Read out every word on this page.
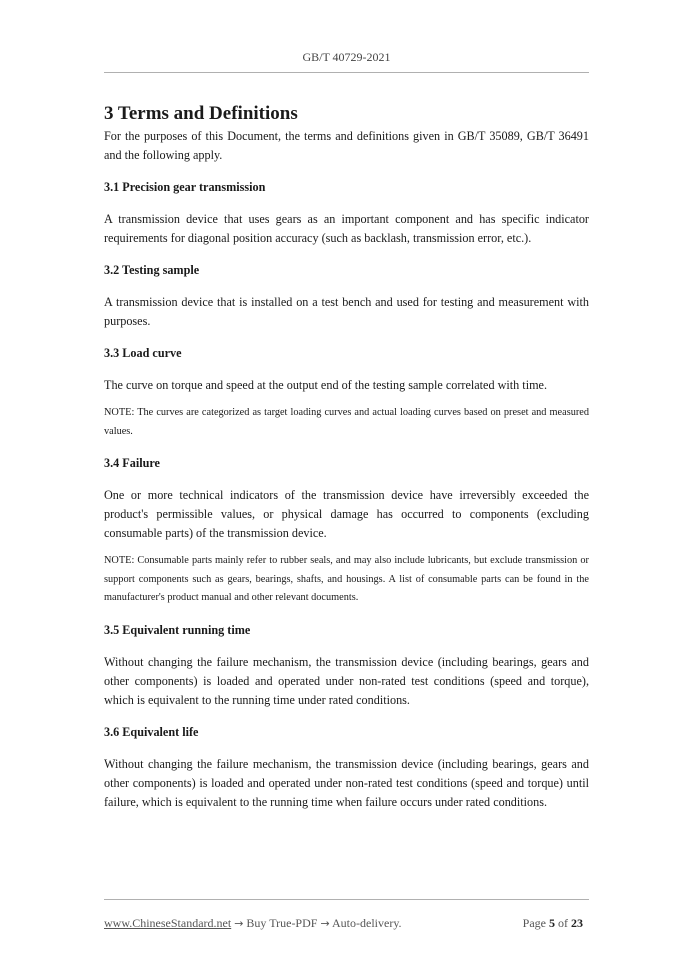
GB/T 40729-2021
3 Terms and Definitions

For the purposes of this Document, the terms and definitions given in GB/T 35089, GB/T 36491 and the following apply.

3.1 Precision gear transmission

A transmission device that uses gears as an important component and has specific indicator requirements for diagonal position accuracy (such as backlash, transmission error, etc.).

3.2 Testing sample

A transmission device that is installed on a test bench and used for testing and measurement with purposes.

3.3 Load curve

The curve on torque and speed at the output end of the testing sample correlated with time.

NOTE: The curves are categorized as target loading curves and actual loading curves based on preset and measured values.

3.4 Failure

One or more technical indicators of the transmission device have irreversibly exceeded the product's permissible values, or physical damage has occurred to components (excluding consumable parts) of the transmission device.

NOTE: Consumable parts mainly refer to rubber seals, and may also include lubricants, but exclude transmission or support components such as gears, bearings, shafts, and housings. A list of consumable parts can be found in the manufacturer's product manual and other relevant documents.

3.5 Equivalent running time

Without changing the failure mechanism, the transmission device (including bearings, gears and other components) is loaded and operated under non-rated test conditions (speed and torque), which is equivalent to the running time under rated conditions.

3.6 Equivalent life

Without changing the failure mechanism, the transmission device (including bearings, gears and other components) is loaded and operated under non-rated test conditions (speed and torque) until failure, which is equivalent to the running time when failure occurs under rated conditions.

www.ChineseStandard.net → Buy True-PDF → Auto-delivery.	Page 5 of 23
